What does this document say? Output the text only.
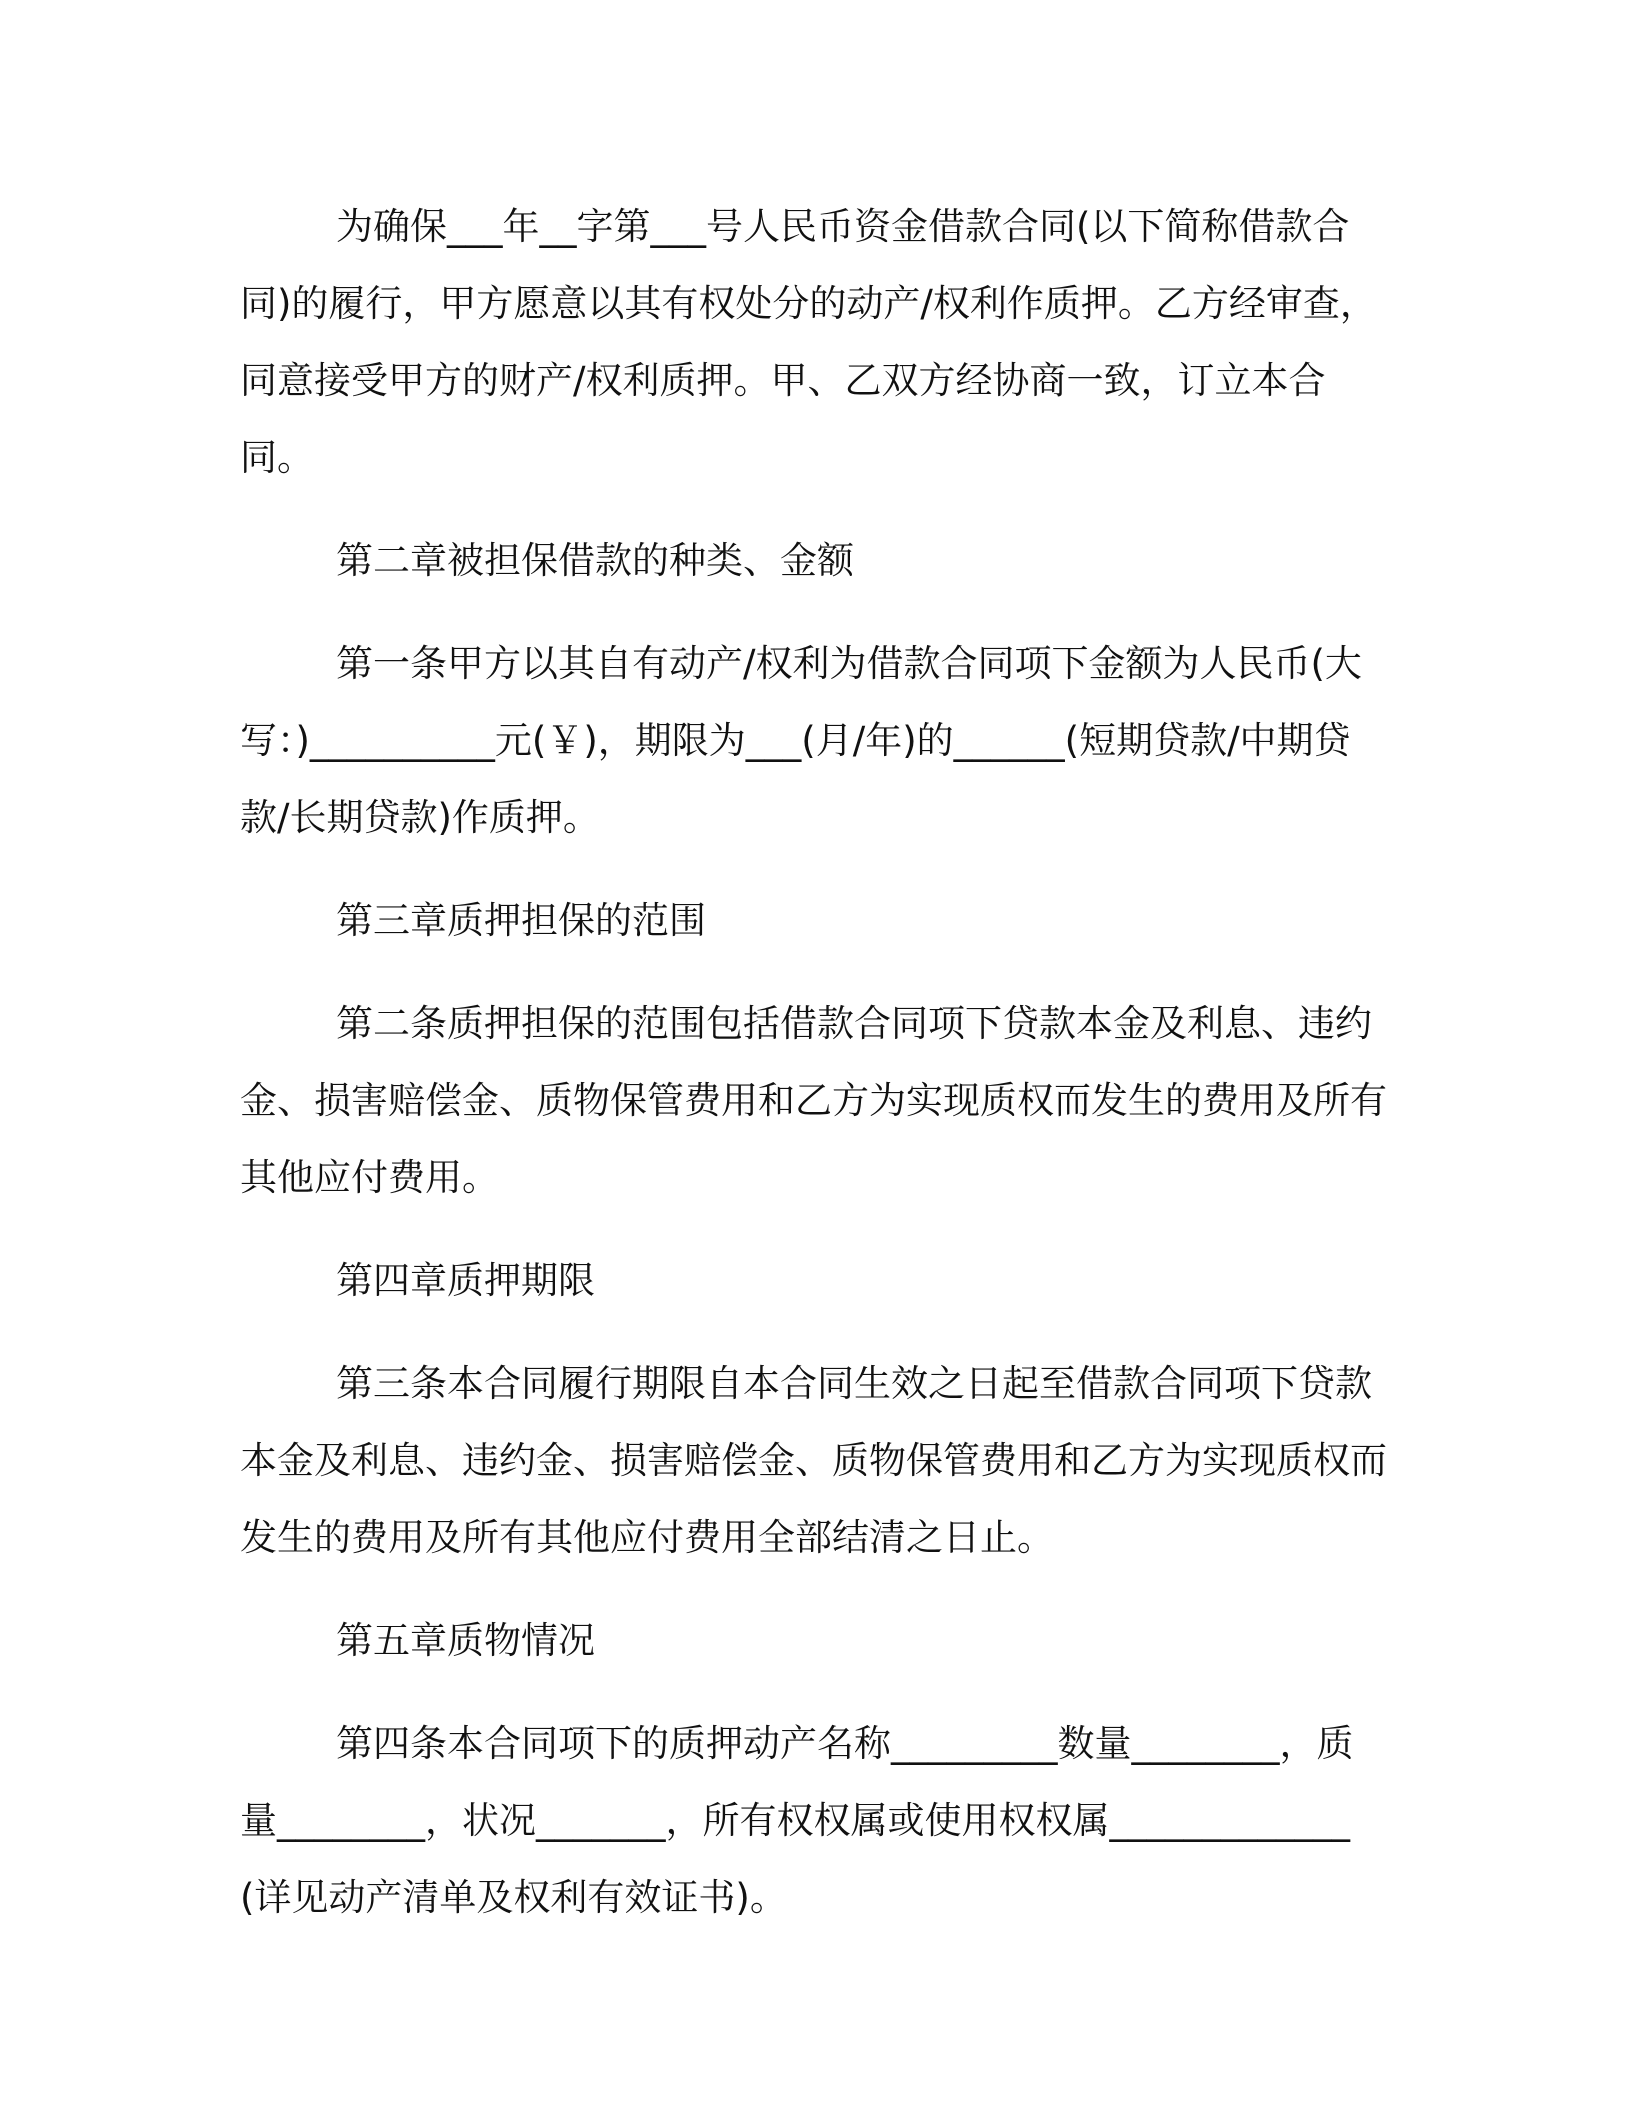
为确保___年__字第___号人民币资金借款合同(以下简称借款合同)的履行，甲方愿意以其有权处分的动产/权利作质押。乙方经审查，同意接受甲方的财产/权利质押。甲、乙双方经协商一致，订立本合同。

第二章被担保借款的种类、金额

第一条甲方以其自有动产/权利为借款合同项下金额为人民币(大写：)__________元(￥)，期限为___(月/年)的______(短期贷款/中期贷款/长期贷款)作质押。

第三章质押担保的范围

第二条质押担保的范围包括借款合同项下贷款本金及利息、违约金、损害赔偿金、质物保管费用和乙方为实现质权而发生的费用及所有其他应付费用。

第四章质押期限

第三条本合同履行期限自本合同生效之日起至借款合同项下贷款本金及利息、违约金、损害赔偿金、质物保管费用和乙方为实现质权而发生的费用及所有其他应付费用全部结清之日止。

第五章质物情况

第四条本合同项下的质押动产名称_________数量________，质量________，状况_______，所有权权属或使用权权属_____________(详见动产清单及权利有效证书)。
